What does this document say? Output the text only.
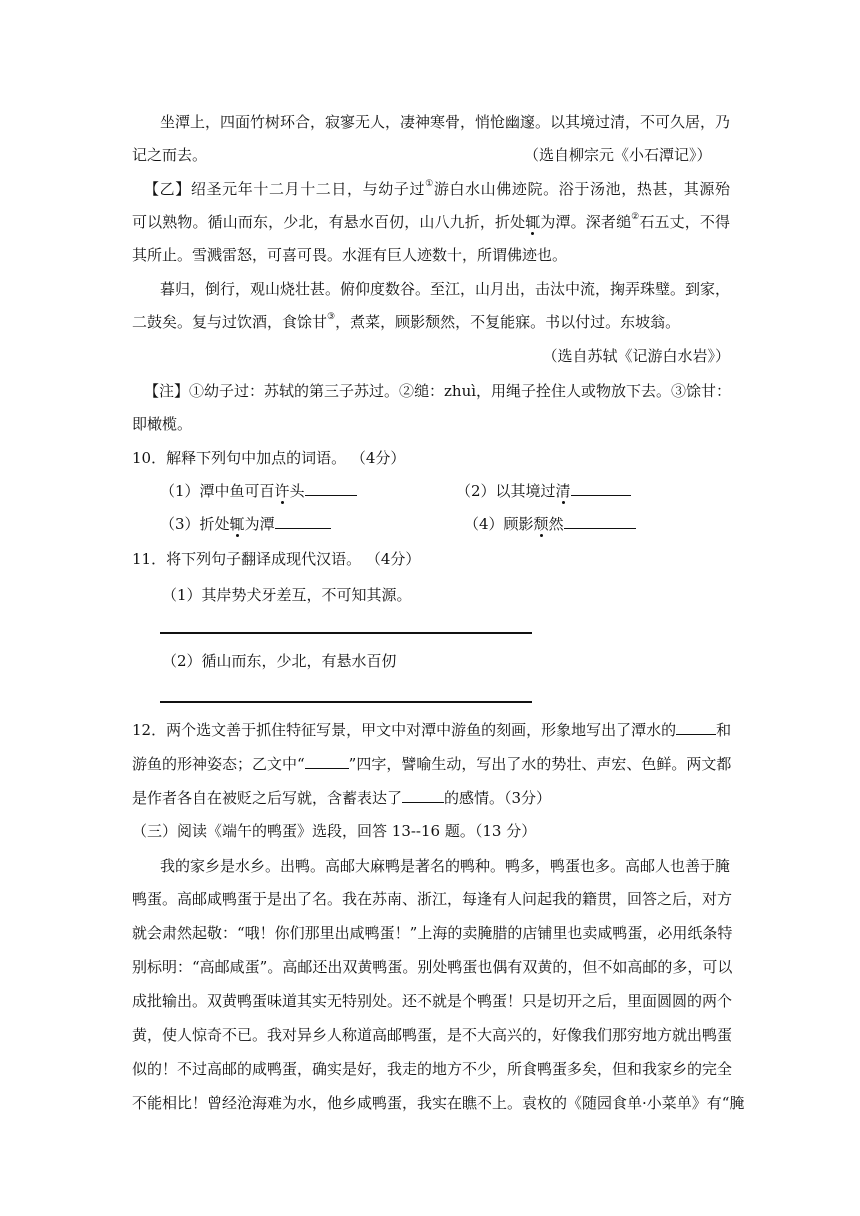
坐潭上，四面竹树环合，寂寥无人，凄神寒骨，悄怆幽邃。以其境过清，不可久居，乃
记之而去。	（选自柳宗元《小石潭记》）
【乙】绍圣元年十二月十二日，与幼子过①游白水山佛迹院。浴于汤池，热甚，其源殆
可以熟物。循山而东，少北，有悬水百仞，山八九折，折处辄为潭。深者缒②石五丈，不得
其所止。雪溅雷怒，可喜可畏。水涯有巨人迹数十，所谓佛迹也。
暮归，倒行，观山烧壮甚。俯仰度数谷。至江，山月出，击汰中流，掬弄珠璧。到家，
二鼓矣。复与过饮酒，食馀甘③，煮菜，顾影颓然，不复能寐。书以付过。东坡翁。
（选自苏轼《记游白水岩》）
【注】①幼子过：苏轼的第三子苏过。②缒：zhuì，用绳子拴住人或物放下去。③馀甘：
即橄榄。
10．解释下列句中加点的词语。 （4分）
（1）潭中鱼可百许头	（2）以其境过清
（3）折处辄为潭	（4）顾影颓然
11．将下列句子翻译成现代汉语。 （4分）
（1）其岸势犬牙差互，不可知其源。
（2）循山而东，少北，有悬水百仞
12．两个选文善于抓住特征写景，甲文中对潭中游鱼的刻画，形象地写出了潭水的	和
游鱼的形神姿态；乙文中“	”四字，譬喻生动，写出了水的势壮、声宏、色鲜。两文都
是作者各自在被贬之后写就，含蓄表达了	的感情。（3分）
（三）阅读《端午的鸭蛋》选段，回答 13--16 题。（13 分）
我的家乡是水乡。出鸭。高邮大麻鸭是著名的鸭种。鸭多，鸭蛋也多。高邮人也善于腌
鸭蛋。高邮咸鸭蛋于是出了名。我在苏南、浙江，每逢有人问起我的籍贯，回答之后，对方
就会肃然起敬：“哦！你们那里出咸鸭蛋！”上海的卖腌腊的店铺里也卖咸鸭蛋，必用纸条特
别标明：“高邮咸蛋”。高邮还出双黄鸭蛋。别处鸭蛋也偶有双黄的，但不如高邮的多，可以
成批输出。双黄鸭蛋味道其实无特别处。还不就是个鸭蛋！只是切开之后，里面圆圆的两个
黄，使人惊奇不已。我对异乡人称道高邮鸭蛋，是不大高兴的，好像我们那穷地方就出鸭蛋
似的！不过高邮的咸鸭蛋，确实是好，我走的地方不少，所食鸭蛋多矣，但和我家乡的完全
不能相比！曾经沧海难为水，他乡咸鸭蛋，我实在瞧不上。袁枚的《随园食单·小菜单》有“腌
